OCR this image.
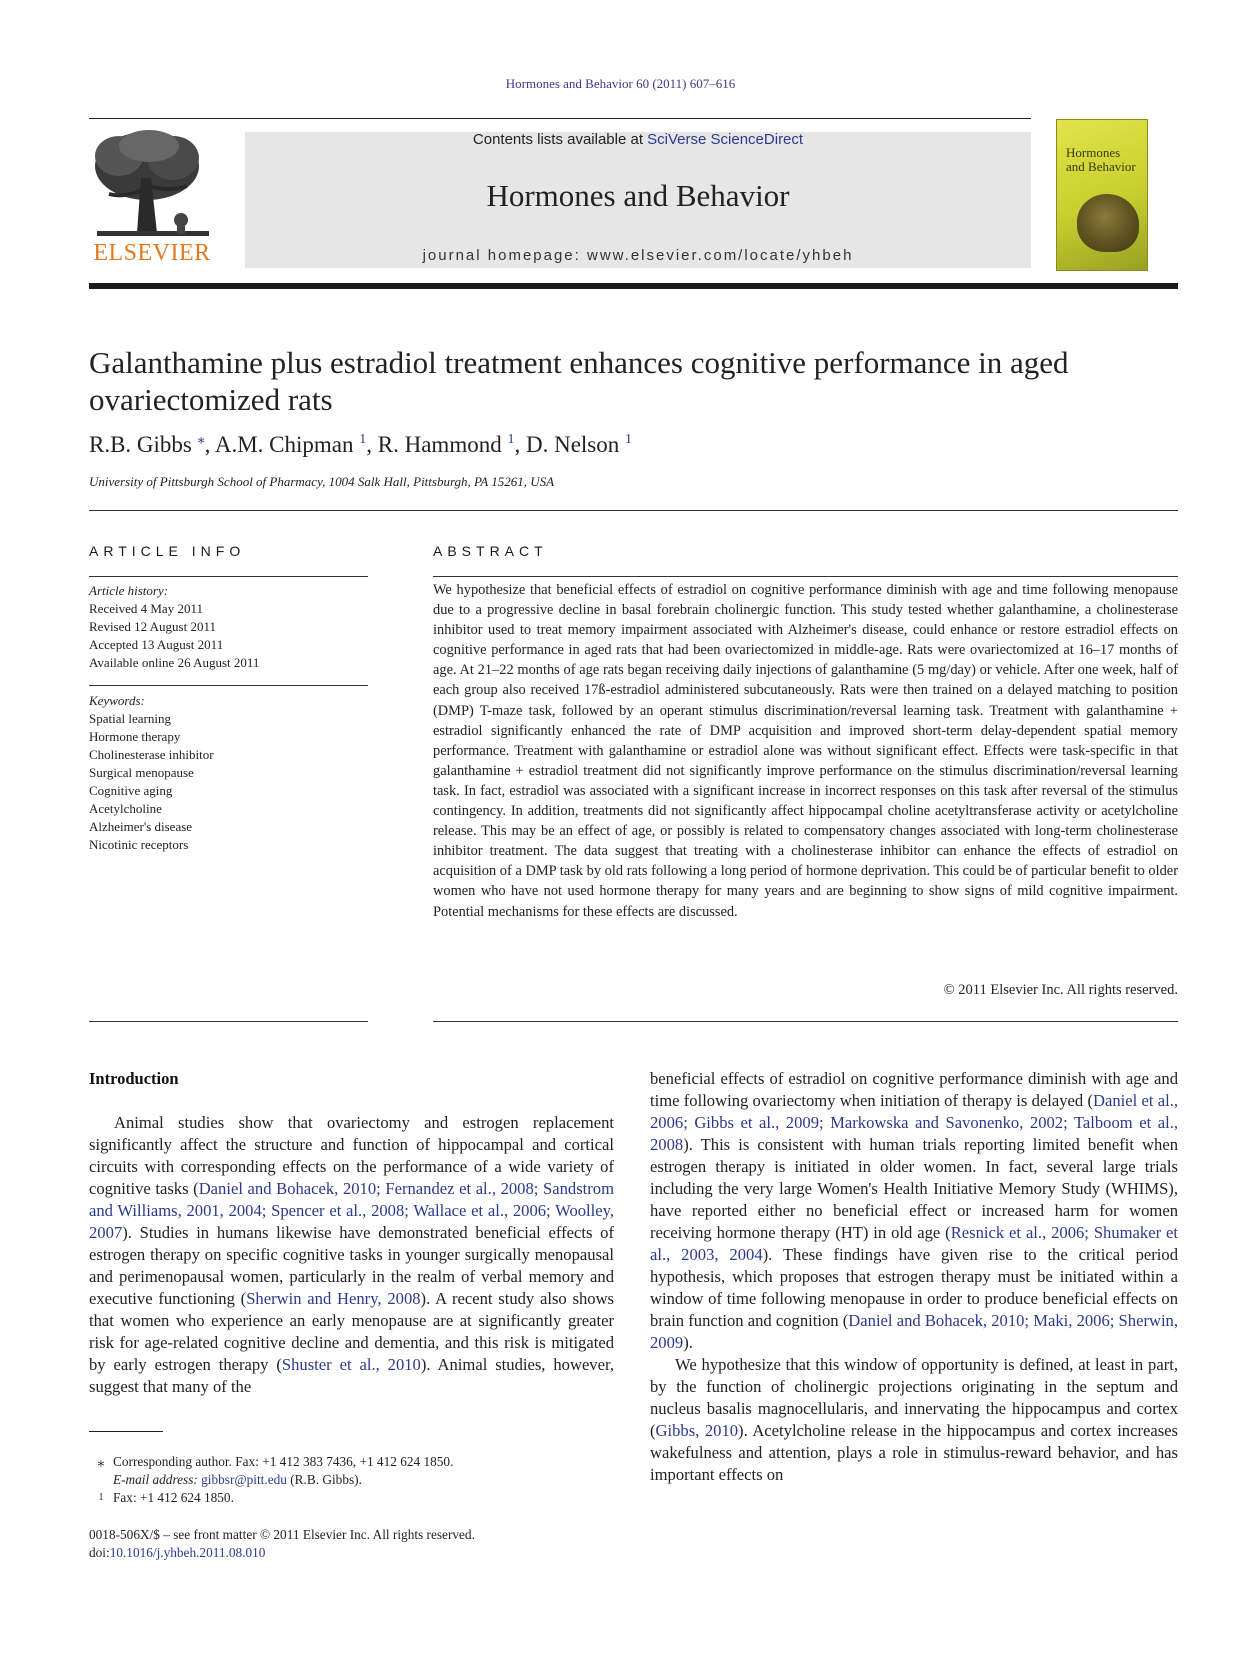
Hormones and Behavior 60 (2011) 607–616
ELSEVIER
Contents lists available at SciVerse ScienceDirect
Hormones and Behavior
journal homepage: www.elsevier.com/locate/yhbeh
Hormones
and Behavior
Galanthamine plus estradiol treatment enhances cognitive performance in aged ovariectomized rats
R.B. Gibbs ⁎, A.M. Chipman $^1$, R. Hammond $^1$, D. Nelson $^1$
University of Pittsburgh School of Pharmacy, 1004 Salk Hall, Pittsburgh, PA 15261, USA
ARTICLE INFO
Article history:
Received 4 May 2011
Revised 12 August 2011
Accepted 13 August 2011
Available online 26 August 2011
Keywords:
Spatial learning
Hormone therapy
Cholinesterase inhibitor
Surgical menopause
Cognitive aging
Acetylcholine
Alzheimer's disease
Nicotinic receptors
ABSTRACT
We hypothesize that beneficial effects of estradiol on cognitive performance diminish with age and time following menopause due to a progressive decline in basal forebrain cholinergic function. This study tested whether galanthamine, a cholinesterase inhibitor used to treat memory impairment associated with Alzheimer's disease, could enhance or restore estradiol effects on cognitive performance in aged rats that had been ovariectomized in middle-age. Rats were ovariectomized at 16–17 months of age. At 21–22 months of age rats began receiving daily injections of galanthamine (5 mg/day) or vehicle. After one week, half of each group also received 17ß-estradiol administered subcutaneously. Rats were then trained on a delayed matching to position (DMP) T-maze task, followed by an operant stimulus discrimination/reversal learning task. Treatment with galanthamine + estradiol significantly enhanced the rate of DMP acquisition and improved short-term delay-dependent spatial memory performance. Treatment with galanthamine or estradiol alone was without significant effect. Effects were task-specific in that galanthamine + estradiol treatment did not significantly improve performance on the stimulus discrimination/reversal learning task. In fact, estradiol was associated with a significant increase in incorrect responses on this task after reversal of the stimulus contingency. In addition, treatments did not significantly affect hippocampal choline acetyltransferase activity or acetylcholine release. This may be an effect of age, or possibly is related to compensatory changes associated with long-term cholinesterase inhibitor treatment. The data suggest that treating with a cholinesterase inhibitor can enhance the effects of estradiol on acquisition of a DMP task by old rats following a long period of hormone deprivation. This could be of particular benefit to older women who have not used hormone therapy for many years and are beginning to show signs of mild cognitive impairment. Potential mechanisms for these effects are discussed.
© 2011 Elsevier Inc. All rights reserved.
Introduction

Animal studies show that ovariectomy and estrogen replacement significantly affect the structure and function of hippocampal and cortical circuits with corresponding effects on the performance of a wide variety of cognitive tasks (Daniel and Bohacek, 2010; Fernandez et al., 2008; Sandstrom and Williams, 2001, 2004; Spencer et al., 2008; Wallace et al., 2006; Woolley, 2007). Studies in humans likewise have demonstrated beneficial effects of estrogen therapy on specific cognitive tasks in younger surgically menopausal and perimenopausal women, particularly in the realm of verbal memory and executive functioning (Sherwin and Henry, 2008). A recent study also shows that women who experience an early menopause are at significantly greater risk for age-related cognitive decline and dementia, and this risk is mitigated by early estrogen therapy (Shuster et al., 2010). Animal studies, however, suggest that many of the

beneficial effects of estradiol on cognitive performance diminish with age and time following ovariectomy when initiation of therapy is delayed (Daniel et al., 2006; Gibbs et al., 2009; Markowska and Savonenko, 2002; Talboom et al., 2008). This is consistent with human trials reporting limited benefit when estrogen therapy is initiated in older women. In fact, several large trials including the very large Women's Health Initiative Memory Study (WHIMS), have reported either no beneficial effect or increased harm for women receiving hormone therapy (HT) in old age (Resnick et al., 2006; Shumaker et al., 2003, 2004). These findings have given rise to the critical period hypothesis, which proposes that estrogen therapy must be initiated within a window of time following menopause in order to produce beneficial effects on brain function and cognition (Daniel and Bohacek, 2010; Maki, 2006; Sherwin, 2009).

We hypothesize that this window of opportunity is defined, at least in part, by the function of cholinergic projections originating in the septum and nucleus basalis magnocellularis, and innervating the hippocampus and cortex (Gibbs, 2010). Acetylcholine release in the hippocampus and cortex increases wakefulness and attention, plays a role in stimulus-reward behavior, and has important effects on

⁎ Corresponding author. Fax: +1 412 383 7436, +1 412 624 1850.
E-mail address: gibbsr@pitt.edu (R.B. Gibbs).
1 Fax: +1 412 624 1850.
0018-506X/$ – see front matter © 2011 Elsevier Inc. All rights reserved.
doi:10.1016/j.yhbeh.2011.08.010
